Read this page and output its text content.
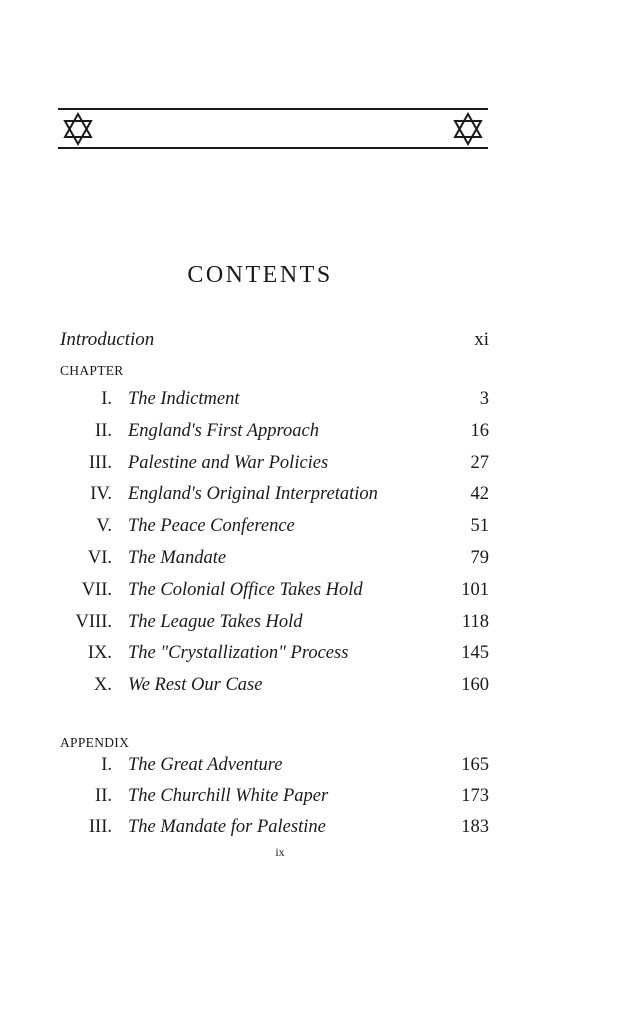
CONTENTS
Introduction	xi
CHAPTER
I. The Indictment	3
II. England's First Approach	16
III. Palestine and War Policies	27
IV. England's Original Interpretation	42
V. The Peace Conference	51
VI. The Mandate	79
VII. The Colonial Office Takes Hold	101
VIII. The League Takes Hold	118
IX. The "Crystallization" Process	145
X. We Rest Our Case	160
APPENDIX
I. The Great Adventure	165
II. The Churchill White Paper	173
III. The Mandate for Palestine	183
ix
